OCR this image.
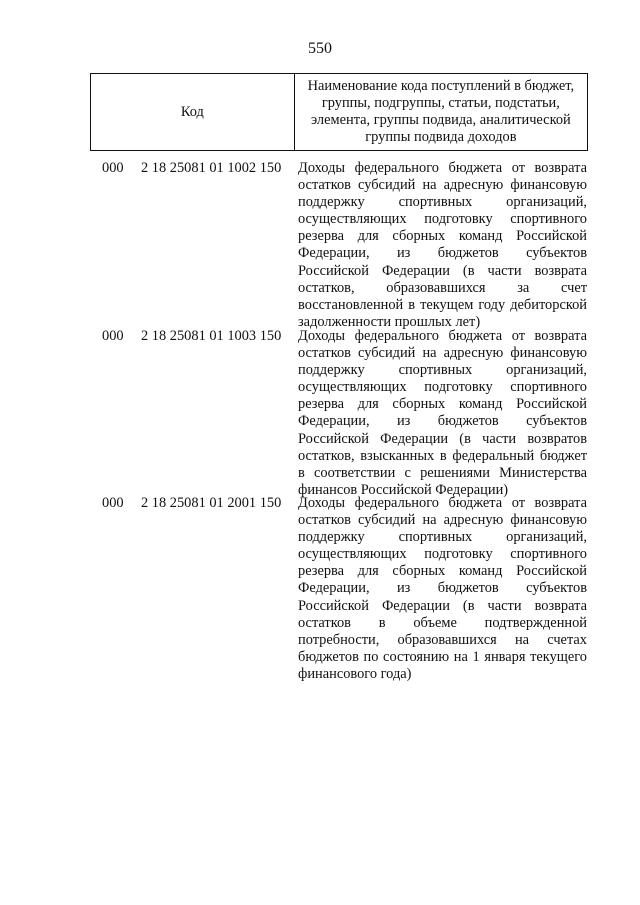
550
Код	Наименование кода поступлений в бюджет, группы, подгруппы, статьи, подстатьи, элемента, группы подвида, аналитической группы подвида доходов
000 2 18 25081 01 1002 150 Доходы федерального бюджета от возврата остатков субсидий на адресную финансовую поддержку спортивных организаций, осуществляющих подготовку спортивного резерва для сборных команд Российской Федерации, из бюджетов субъектов Российской Федерации (в части возврата остатков, образовавшихся за счет восстановленной в текущем году дебиторской задолженности прошлых лет)
000 2 18 25081 01 1003 150 Доходы федерального бюджета от возврата остатков субсидий на адресную финансовую поддержку спортивных организаций, осуществляющих подготовку спортивного резерва для сборных команд Российской Федерации, из бюджетов субъектов Российской Федерации (в части возвратов остатков, взысканных в федеральный бюджет в соответствии с решениями Министерства финансов Российской Федерации)
000 2 18 25081 01 2001 150 Доходы федерального бюджета от возврата остатков субсидий на адресную финансовую поддержку спортивных организаций, осуществляющих подготовку спортивного резерва для сборных команд Российской Федерации, из бюджетов субъектов Российской Федерации (в части возврата остатков в объеме подтвержденной потребности, образовавшихся на счетах бюджетов по состоянию на 1 января текущего финансового года)
